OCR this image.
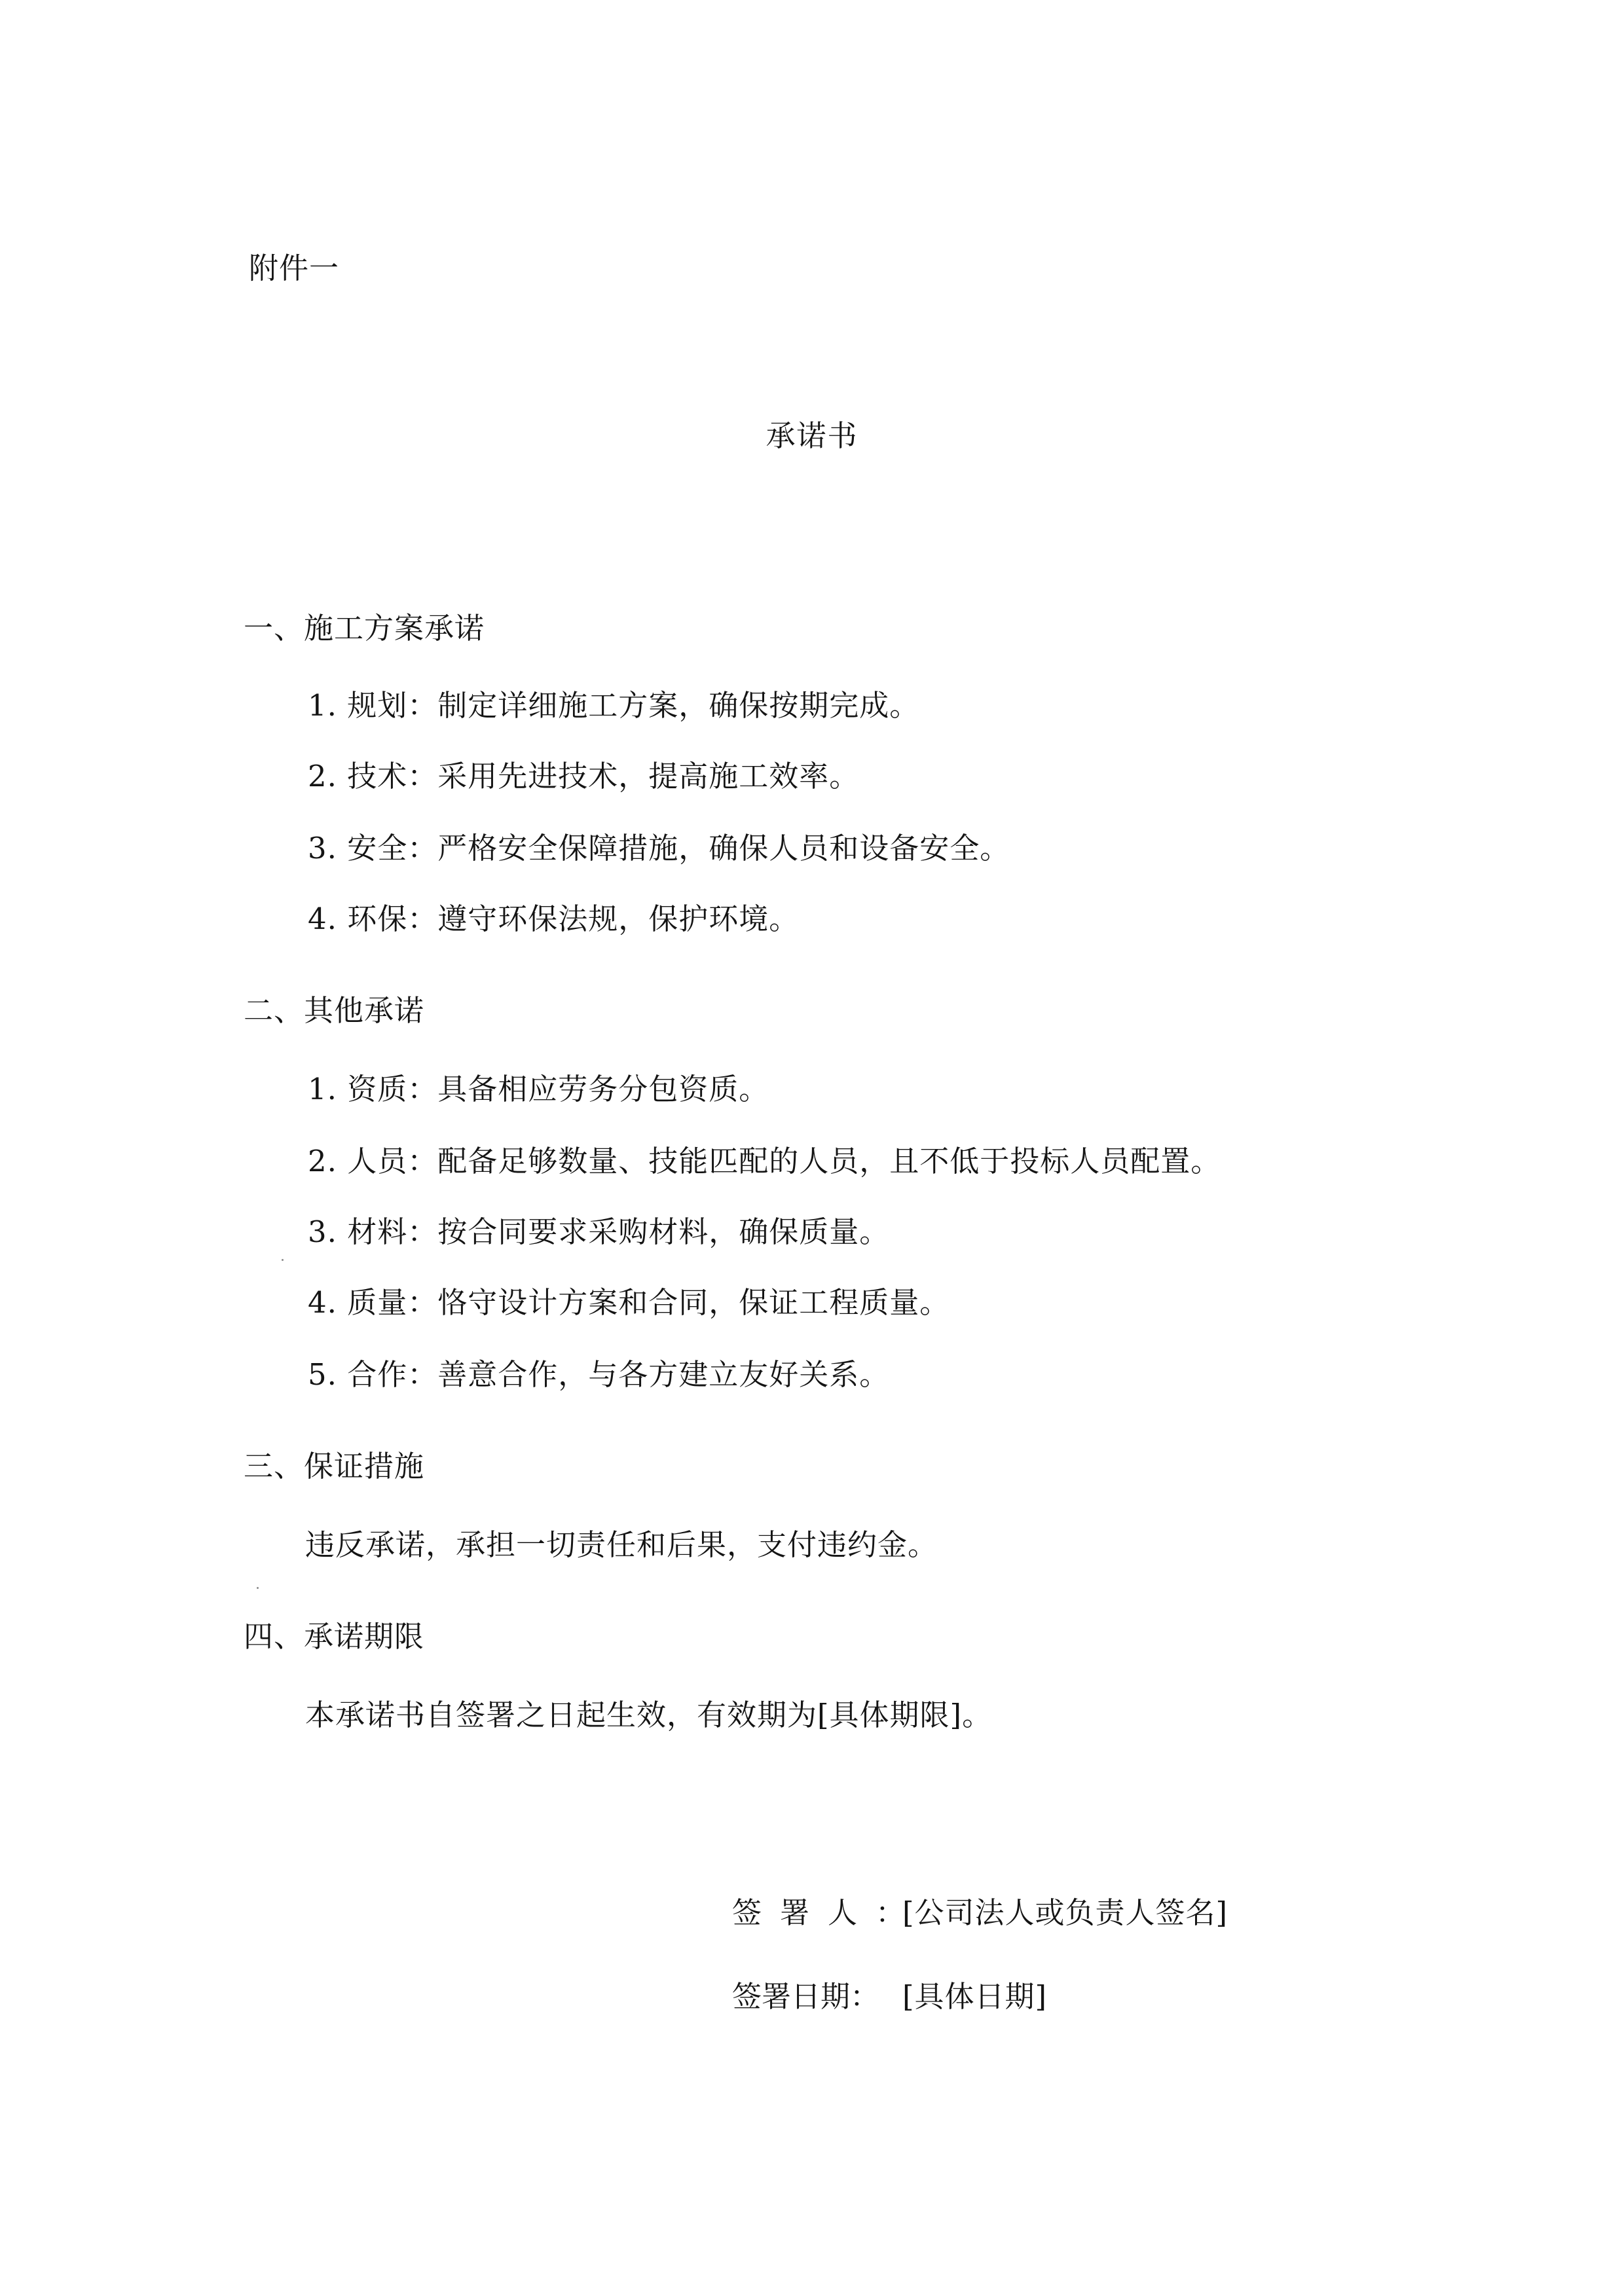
附件一
承诺书
一、施工方案承诺
1. 规划：制定详细施工方案，确保按期完成。
2. 技术：采用先进技术，提高施工效率。
3. 安全：严格安全保障措施，确保人员和设备安全。
4. 环保：遵守环保法规，保护环境。
二、其他承诺
1. 资质：具备相应劳务分包资质。
2. 人员：配备足够数量、技能匹配的人员，且不低于投标人员配置。
3. 材料：按合同要求采购材料，确保质量。
4. 质量：恪守设计方案和合同，保证工程质量。
5. 合作：善意合作，与各方建立友好关系。
三、保证措施
违反承诺，承担一切责任和后果，支付违约金。
四、承诺期限
本承诺书自签署之日起生效，有效期为[具体期限]。
签署人：
[公司法人或负责人签名]
签署日期： [具体日期]
